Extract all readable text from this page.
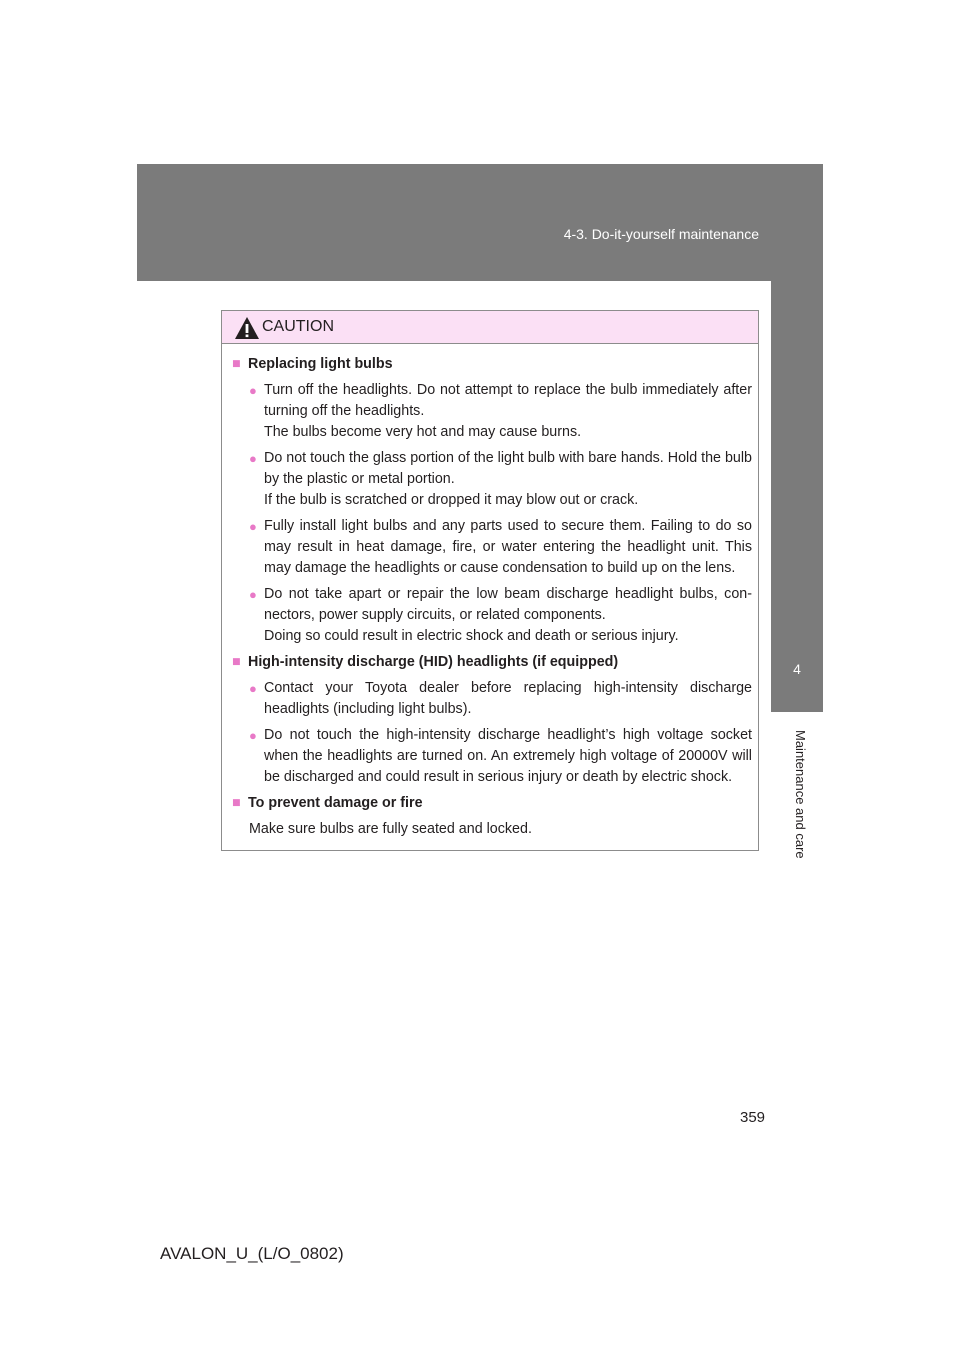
4-3. Do-it-yourself maintenance
4
Maintenance and care
CAUTION
■ Replacing light bulbs
● Turn off the headlights. Do not attempt to replace the bulb immediately after turning off the headlights.
The bulbs become very hot and may cause burns.
● Do not touch the glass portion of the light bulb with bare hands. Hold the bulb by the plastic or metal portion.
If the bulb is scratched or dropped it may blow out or crack.
● Fully install light bulbs and any parts used to secure them. Failing to do so may result in heat damage, fire, or water entering the headlight unit. This may damage the headlights or cause condensation to build up on the lens.
● Do not take apart or repair the low beam discharge headlight bulbs, con-nectors, power supply circuits, or related components.
Doing so could result in electric shock and death or serious injury.
■ High-intensity discharge (HID) headlights (if equipped)
● Contact your Toyota dealer before replacing high-intensity discharge headlights (including light bulbs).
● Do not touch the high-intensity discharge headlight’s high voltage socket when the headlights are turned on. An extremely high voltage of 20000V will be discharged and could result in serious injury or death by electric shock.
■ To prevent damage or fire
Make sure bulbs are fully seated and locked.
359
AVALON_U_(L/O_0802)
